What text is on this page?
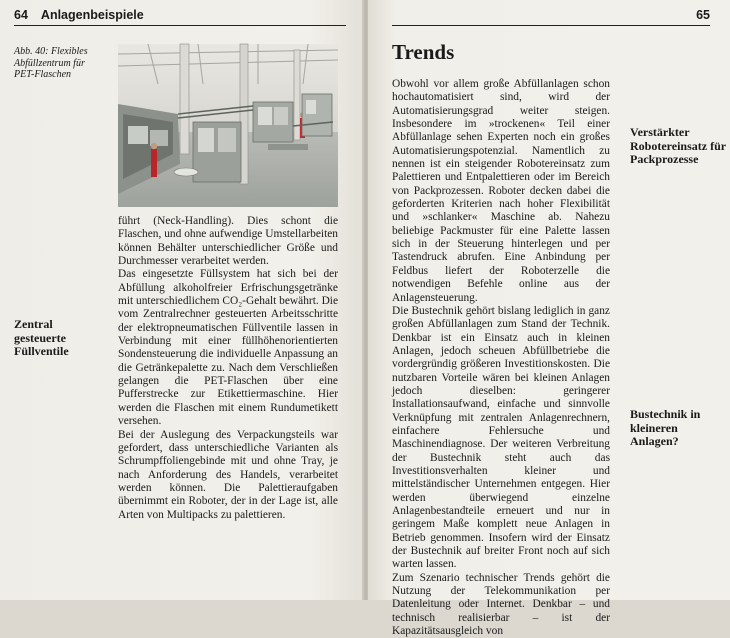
64 Anlagenbeispiele
Abb. 40: Flexibles Abfüllzentrum für PET-Flaschen
Zentral gesteuerte Füllventile

führt (Neck-Handling). Dies schont die Flaschen, und ohne aufwendige Umstellarbeiten können Behälter unterschiedlicher Größe und Durchmesser verarbeitet werden.

Das eingesetzte Füllsystem hat sich bei der Abfüllung alkoholfreier Erfrischungsgetränke mit unterschiedlichem CO₂-Gehalt bewährt. Die vom Zentralrechner gesteuerten Arbeitsschritte der elektropneumatischen Füllventile lassen in Verbindung mit einer füllhöhenorientierten Sondensteuerung die individuelle Anpassung an die Getränkepalette zu. Nach dem Verschließen gelangen die PET-Flaschen über eine Pufferstrecke zur Etikettiermaschine. Hier werden die Flaschen mit einem Rundumetikett versehen.

Bei der Auslegung des Verpackungsteils war gefordert, dass unterschiedliche Varianten als Schrumpffoliengebinde mit und ohne Tray, je nach Anforderung des Handels, verarbeitet werden können. Die Palettieraufgaben übernimmt ein Roboter, der in der Lage ist, alle Arten von Multipacks zu palettieren.

65
Trends

Obwohl vor allem große Abfüllanlagen schon hochautomatisiert sind, wird der Automatisierungsgrad weiter steigen. Insbesondere im »trockenen« Teil einer Abfüllanlage sehen Experten noch ein großes Automatisierungspotenzial. Namentlich zu nennen ist ein steigender Robotereinsatz zum Palettieren und Entpalettieren oder im Bereich von Packprozessen. Roboter decken dabei die geforderten Kriterien nach hoher Flexibilität und »schlanker« Maschine ab. Nahezu beliebige Packmuster für eine Palette lassen sich in der Steuerung hinterlegen und per Tastendruck abrufen. Eine Anbindung per Feldbus liefert der Roboterzelle die notwendigen Befehle online aus der Anlagensteuerung.

Die Bustechnik gehört bislang lediglich in ganz großen Abfüllanlagen zum Stand der Technik. Denkbar ist ein Einsatz auch in kleinen Anlagen, jedoch scheuen Abfüllbetriebe die vordergründig größeren Investitionskosten. Die nutzbaren Vorteile wären bei kleinen Anlagen jedoch dieselben: geringerer Installationsaufwand, einfache und sinnvolle Verknüpfung mit zentralen Anlagenrechnern, einfachere Fehlersuche und Maschinendiagnose. Der weiteren Verbreitung der Bustechnik steht auch das Investitionsverhalten kleiner und mittelständischer Unternehmen entgegen. Hier werden überwiegend einzelne Anlagenbestandteile erneuert und nur in geringem Maße komplett neue Anlagen in Betrieb genommen. Insofern wird der Einsatz der Bustechnik auf breiter Front noch auf sich warten lassen.

Zum Szenario technischer Trends gehört die Nutzung der Telekommunikation per Datenleitung oder Internet. Denkbar – und technisch realisierbar – ist der Kapazitätsausgleich von

Verstärkter Robotereinsatz für Packprozesse
Bustechnik in kleineren Anlagen?
